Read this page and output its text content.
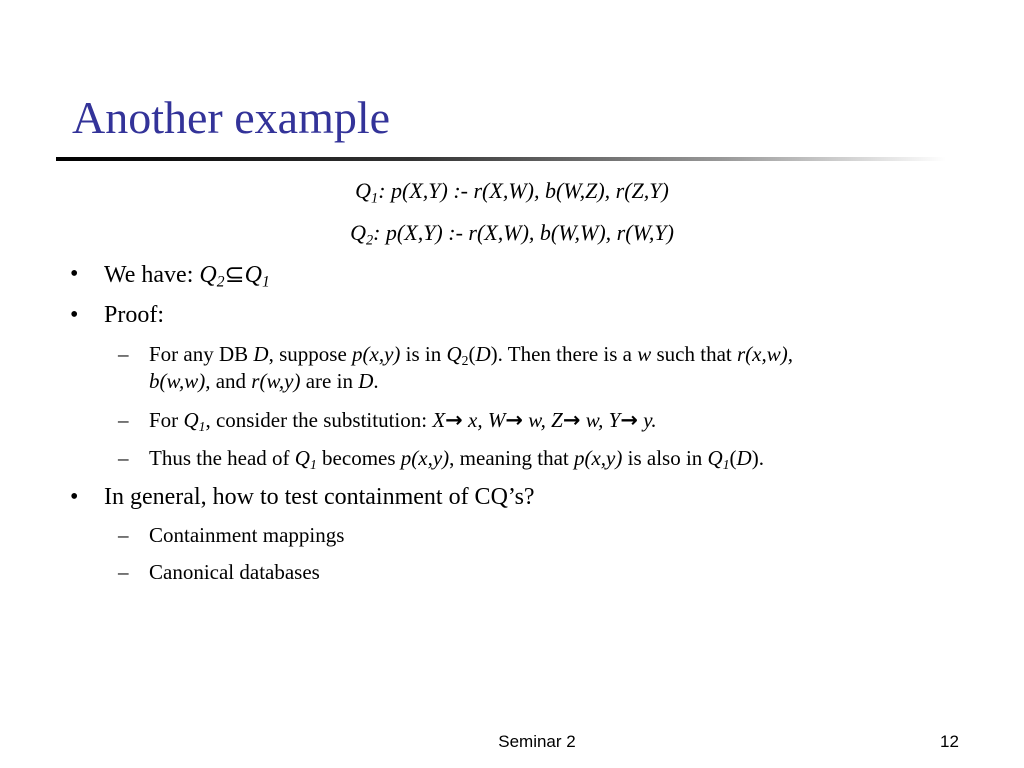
Another example
$Q_1$: p(X,Y) :- r(X,W), b(W,Z), r(Z,Y)
$Q_2$: p(X,Y) :- r(X,W), b(W,W), r(W,Y)
• We have: $Q_2⊆Q_1$
• Proof:
– For any DB D, suppose p(x,y) is in $Q_2(D)$. Then there is a w such that r(x,w),
b(w,w), and r(w,y) are in D.
– For $Q_1$, consider the substitution: X→ x, W→ w, Z→ w, Y→ y.
– Thus the head of $Q_1$ becomes p(x,y), meaning that p(x,y) is also in $Q_1(D)$.
• In general, how to test containment of CQ’s?
– Containment mappings
– Canonical databases
Seminar 2	12
